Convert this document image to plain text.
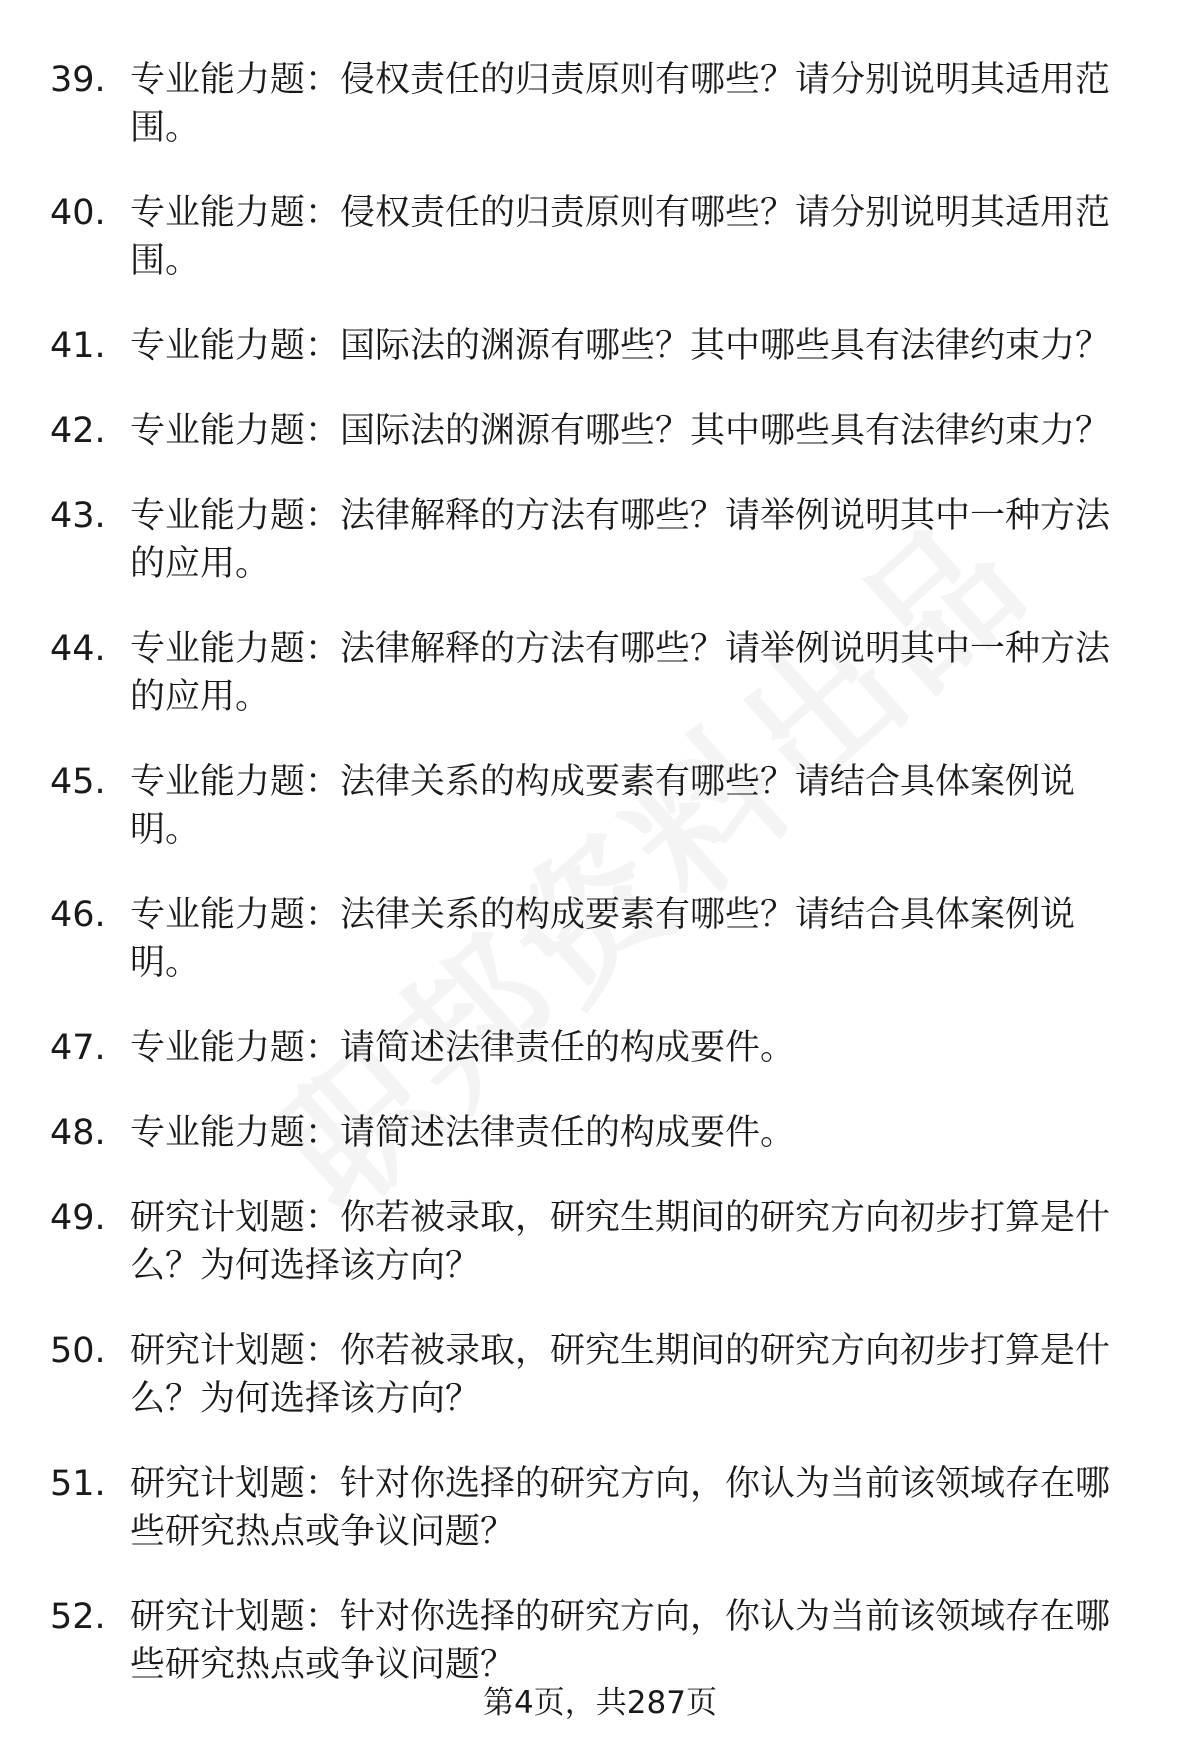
39. 专业能力题：侵权责任的归责原则有哪些？请分别说明其适用范围。
40. 专业能力题：侵权责任的归责原则有哪些？请分别说明其适用范围。
41. 专业能力题：国际法的渊源有哪些？其中哪些具有法律约束力？
42. 专业能力题：国际法的渊源有哪些？其中哪些具有法律约束力？
43. 专业能力题：法律解释的方法有哪些？请举例说明其中一种方法的应用。
44. 专业能力题：法律解释的方法有哪些？请举例说明其中一种方法的应用。
45. 专业能力题：法律关系的构成要素有哪些？请结合具体案例说明。
46. 专业能力题：法律关系的构成要素有哪些？请结合具体案例说明。
47. 专业能力题：请简述法律责任的构成要件。
48. 专业能力题：请简述法律责任的构成要件。
49. 研究计划题：你若被录取，研究生期间的研究方向初步打算是什么？为何选择该方向？
50. 研究计划题：你若被录取，研究生期间的研究方向初步打算是什么？为何选择该方向？
51. 研究计划题：针对你选择的研究方向，你认为当前该领域存在哪些研究热点或争议问题？
52. 研究计划题：针对你选择的研究方向，你认为当前该领域存在哪些研究热点或争议问题？
第4页，共287页
